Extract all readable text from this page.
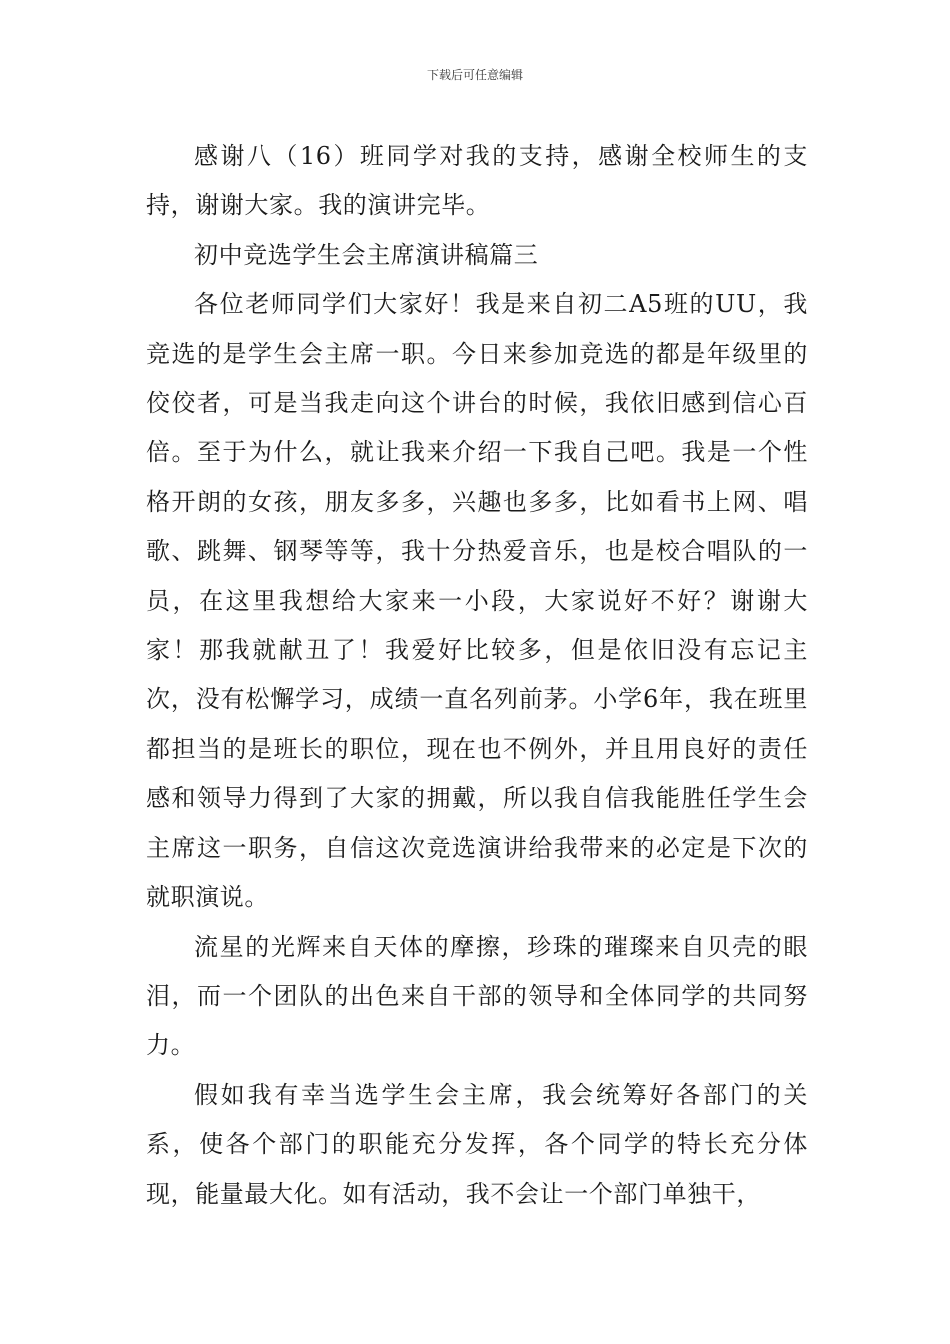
下载后可任意编辑

感谢八（16）班同学对我的支持，感谢全校师生的支持，谢谢大家。我的演讲完毕。

初中竞选学生会主席演讲稿篇三

各位老师同学们大家好！我是来自初二A5班的UU，我竞选的是学生会主席一职。今日来参加竞选的都是年级里的佼佼者，可是当我走向这个讲台的时候，我依旧感到信心百倍。至于为什么，就让我来介绍一下我自己吧。我是一个性格开朗的女孩，朋友多多，兴趣也多多，比如看书上网、唱歌、跳舞、钢琴等等，我十分热爱音乐，也是校合唱队的一员，在这里我想给大家来一小段，大家说好不好？谢谢大家！那我就献丑了！我爱好比较多，但是依旧没有忘记主次，没有松懈学习，成绩一直名列前茅。小学6年，我在班里都担当的是班长的职位，现在也不例外，并且用良好的责任感和领导力得到了大家的拥戴，所以我自信我能胜任学生会主席这一职务，自信这次竞选演讲给我带来的必定是下次的就职演说。

流星的光辉来自天体的摩擦，珍珠的璀璨来自贝壳的眼泪，而一个团队的出色来自干部的领导和全体同学的共同努力。

假如我有幸当选学生会主席，我会统筹好各部门的关系，使各个部门的职能充分发挥，各个同学的特长充分体现，能量最大化。如有活动，我不会让一个部门单独干，
